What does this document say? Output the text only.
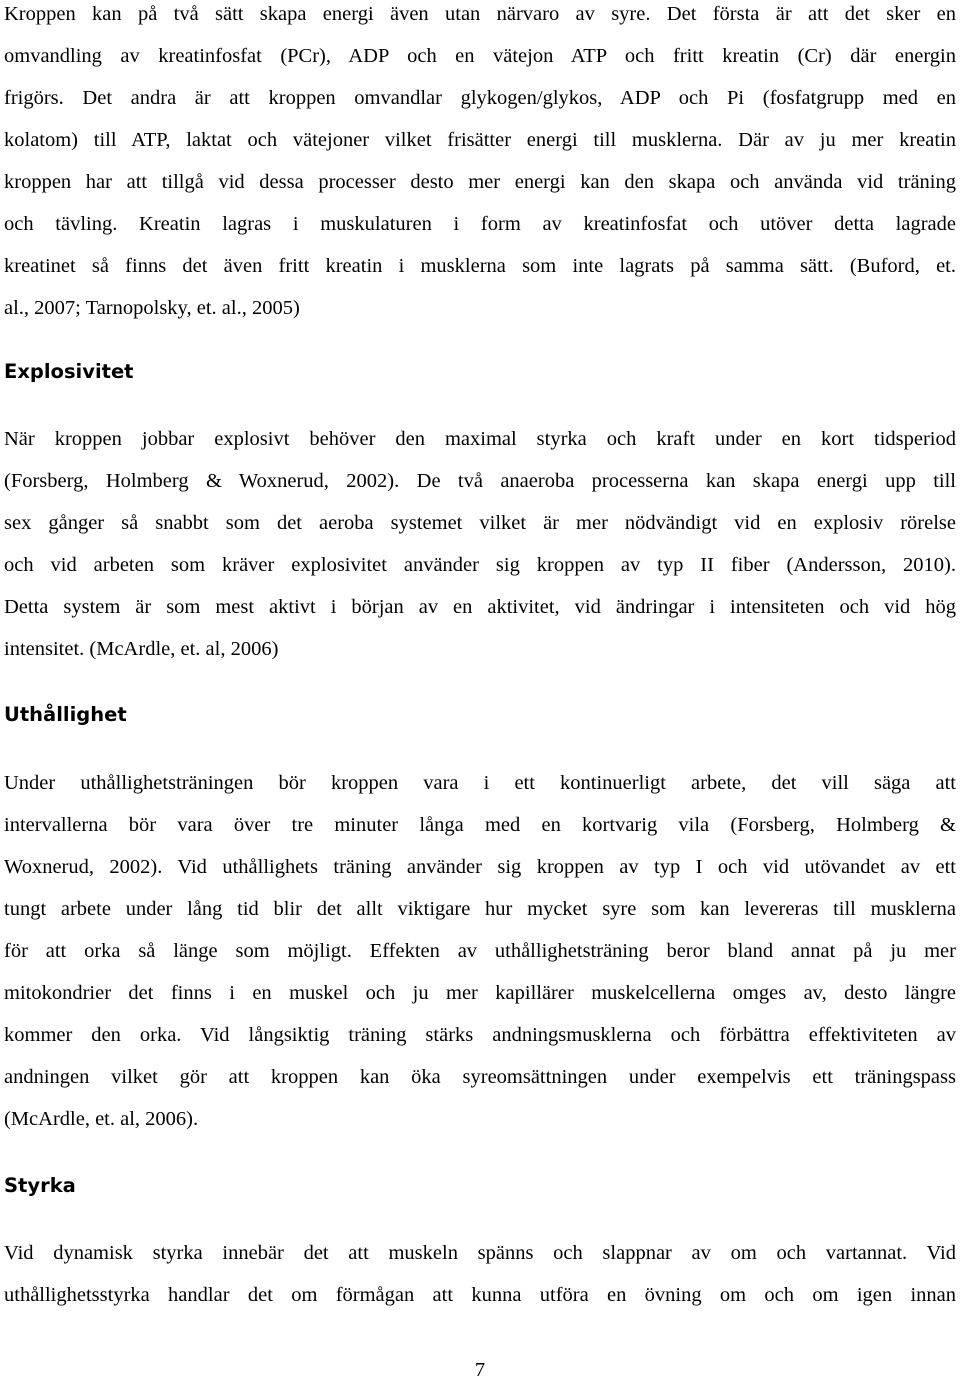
Kroppen kan på två sätt skapa energi även utan närvaro av syre. Det första är att det sker en
omvandling av kreatinfosfat (PCr), ADP och en vätejon ATP och fritt kreatin (Cr) där energin
frigörs. Det andra är att kroppen omvandlar glykogen/glykos, ADP och Pi (fosfatgrupp med en
kolatom) till ATP, laktat och vätejoner vilket frisätter energi till musklerna. Där av ju mer kreatin
kroppen har att tillgå vid dessa processer desto mer energi kan den skapa och använda vid träning
och tävling. Kreatin lagras i muskulaturen i form av kreatinfosfat och utöver detta lagrade
kreatinet så finns det även fritt kreatin i musklerna som inte lagrats på samma sätt. (Buford, et.
al., 2007; Tarnopolsky, et. al., 2005)
Explosivitet
När kroppen jobbar explosivt behöver den maximal styrka och kraft under en kort tidsperiod
(Forsberg, Holmberg & Woxnerud, 2002). De två anaeroba processerna kan skapa energi upp till
sex gånger så snabbt som det aeroba systemet vilket är mer nödvändigt vid en explosiv rörelse
och vid arbeten som kräver explosivitet använder sig kroppen av typ II fiber (Andersson, 2010).
Detta system är som mest aktivt i början av en aktivitet, vid ändringar i intensiteten och vid hög
intensitet. (McArdle, et. al, 2006)
Uthållighet
Under uthållighetsträningen bör kroppen vara i ett kontinuerligt arbete, det vill säga att
intervallerna bör vara över tre minuter långa med en kortvarig vila (Forsberg, Holmberg &
Woxnerud, 2002). Vid uthållighets träning använder sig kroppen av typ I och vid utövandet av ett
tungt arbete under lång tid blir det allt viktigare hur mycket syre som kan levereras till musklerna
för att orka så länge som möjligt. Effekten av uthållighetsträning beror bland annat på ju mer
mitokondrier det finns i en muskel och ju mer kapillärer muskelcellerna omges av, desto längre
kommer den orka. Vid långsiktig träning stärks andningsmusklerna och förbättra effektiviteten av
andningen vilket gör att kroppen kan öka syreomsättningen under exempelvis ett träningspass
(McArdle, et. al, 2006).
Styrka
Vid dynamisk styrka innebär det att muskeln spänns och slappnar av om och vartannat. Vid
uthållighetsstyrka handlar det om förmågan att kunna utföra en övning om och om igen innan
7
